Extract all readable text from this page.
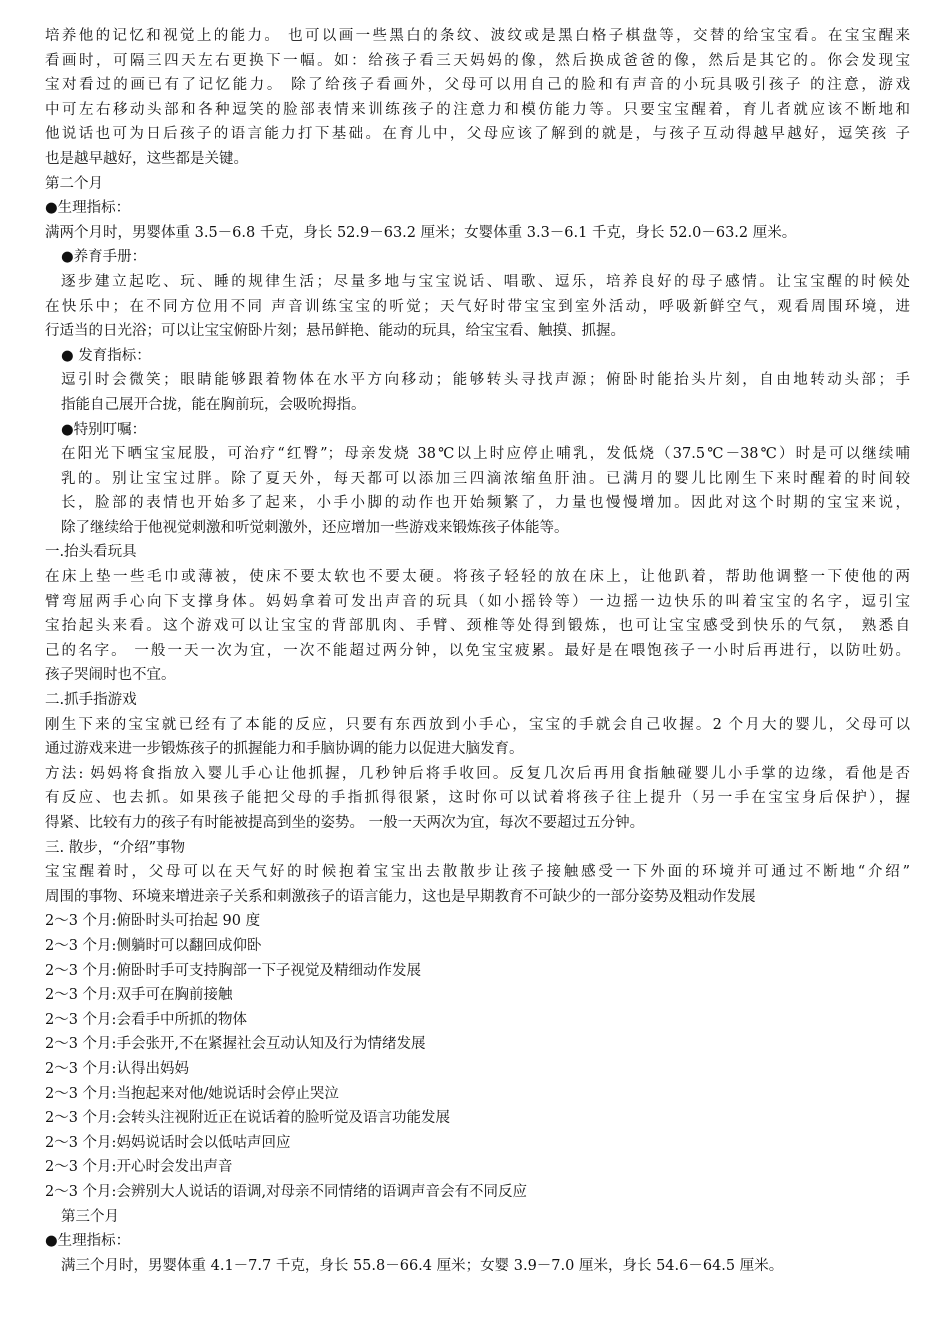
培养他的记忆和视觉上的能力。 也可以画一些黑白的条纹、波纹或是黑白格子棋盘等，交替的给宝宝看。在宝宝醒来
看画时，可隔三四天左右更换下一幅。如：给孩子看三天妈妈的像，然后换成爸爸的像，然后是其它的。你会发现宝
宝对看过的画已有了记忆能力。 除了给孩子看画外，父母可以用自己的脸和有声音的小玩具吸引孩子 的注意，游戏
中可左右移动头部和各种逗笑的脸部表情来训练孩子的注意力和模仿能力等。只要宝宝醒着，育儿者就应该不断地和
他说话也可为日后孩子的语言能力打下基础。在育儿中，父母应该了解到的就是，与孩子互动得越早越好，逗笑孩 子
也是越早越好，这些都是关键。
第二个月
●生理指标：
满两个月时，男婴体重 3.5－6.8 千克，身长 52.9－63.2 厘米；女婴体重 3.3－6.1 千克，身长 52.0－63.2 厘米。
●养育手册：
逐步建立起吃、玩、睡的规律生活；尽量多地与宝宝说话、唱歌、逗乐，培养良好的母子感情。让宝宝醒的时候处
在快乐中；在不同方位用不同 声音训练宝宝的听觉；天气好时带宝宝到室外活动，呼吸新鲜空气，观看周围环境，进
行适当的日光浴；可以让宝宝俯卧片刻；悬吊鲜艳、能动的玩具，给宝宝看、触摸、抓握。
● 发育指标：
逗引时会微笑；眼睛能够跟着物体在水平方向移动；能够转头寻找声源；俯卧时能抬头片刻，自由地转动头部；手
指能自己展开合拢，能在胸前玩，会吸吮拇指。
●特别叮嘱：
在阳光下晒宝宝屁股，可治疗“红臀”；母亲发烧 38℃以上时应停止哺乳，发低烧（37.5℃－38℃）时是可以继续哺
乳的。别让宝宝过胖。除了夏天外，每天都可以添加三四滴浓缩鱼肝油。已满月的婴儿比刚生下来时醒着的时间较
长，脸部的表情也开始多了起来，小手小脚的动作也开始频繁了，力量也慢慢增加。因此对这个时期的宝宝来说，
除了继续给于他视觉刺激和听觉刺激外，还应增加一些游戏来锻炼孩子体能等。
一.抬头看玩具
在床上垫一些毛巾或薄被，使床不要太软也不要太硬。将孩子轻轻的放在床上，让他趴着，帮助他调整一下使他的两
臂弯屈两手心向下支撑身体。妈妈拿着可发出声音的玩具（如小摇铃等）一边摇一边快乐的叫着宝宝的名字，逗引宝
宝抬起头来看。这个游戏可以让宝宝的背部肌肉、手臂、颈椎等处得到锻炼，也可让宝宝感受到快乐的气氛， 熟悉自
己的名字。 一般一天一次为宜，一次不能超过两分钟，以免宝宝疲累。最好是在喂饱孩子一小时后再进行，以防吐奶。
孩子哭闹时也不宜。
二.抓手指游戏
刚生下来的宝宝就已经有了本能的反应，只要有东西放到小手心，宝宝的手就会自己收握。2 个月大的婴儿，父母可以
通过游戏来进一步锻炼孩子的抓握能力和手脑协调的能力以促进大脑发育。
方法: 妈妈将食指放入婴儿手心让他抓握，几秒钟后将手收回。反复几次后再用食指触碰婴儿小手掌的边缘，看他是否
有反应、也去抓。如果孩子能把父母的手指抓得很紧，这时你可以试着将孩子往上提升（另一手在宝宝身后保护），握
得紧、比较有力的孩子有时能被提高到坐的姿势。 一般一天两次为宜，每次不要超过五分钟。
三. 散步，“介绍”事物
宝宝醒着时，父母可以在天气好的时候抱着宝宝出去散散步让孩子接触感受一下外面的环境并可通过不断地“介绍”
周围的事物、环境来增进亲子关系和刺激孩子的语言能力，这也是早期教育不可缺少的一部分姿势及粗动作发展
2～3 个月:俯卧时头可抬起 90 度
2～3 个月:侧躺时可以翻回成仰卧
2～3 个月:俯卧时手可支持胸部一下子视觉及精细动作发展
2～3 个月:双手可在胸前接触
2～3 个月:会看手中所抓的物体
2～3 个月:手会张开,不在紧握社会互动认知及行为情绪发展
2～3 个月:认得出妈妈
2～3 个月:当抱起来对他/她说话时会停止哭泣
2～3 个月:会转头注视附近正在说话着的脸听觉及语言功能发展
2～3 个月:妈妈说话时会以低咕声回应
2～3 个月:开心时会发出声音
2～3 个月:会辨别大人说话的语调,对母亲不同情绪的语调声音会有不同反应
第三个月
●生理指标：
满三个月时，男婴体重 4.1－7.7 千克，身长 55.8－66.4 厘米；女婴 3.9－7.0 厘米，身长 54.6－64.5 厘米。
